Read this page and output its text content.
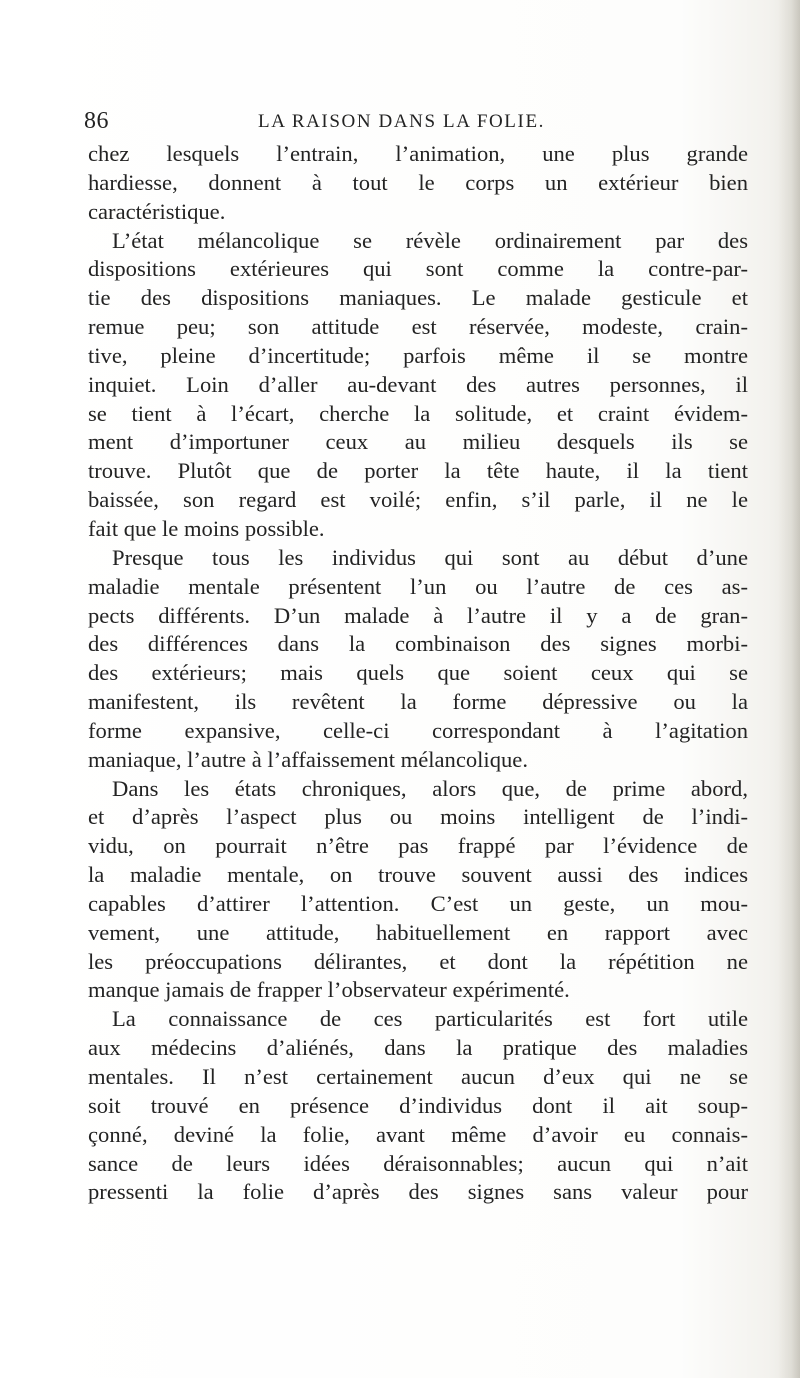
86	LA RAISON DANS LA FOLIE.
chez lesquels l’entrain, l’animation, une plus grande
hardiesse, donnent à tout le corps un extérieur bien
caractéristique.
L’état mélancolique se révèle ordinairement par des
dispositions extérieures qui sont comme la contre-par-
tie des dispositions maniaques. Le malade gesticule et
remue peu; son attitude est réservée, modeste, crain-
tive, pleine d’incertitude; parfois même il se montre
inquiet. Loin d’aller au-devant des autres personnes, il
se tient à l’écart, cherche la solitude, et craint évidem-
ment d’importuner ceux au milieu desquels ils se
trouve. Plutôt que de porter la tête haute, il la tient
baissée, son regard est voilé; enfin, s’il parle, il ne le
fait que le moins possible.
Presque tous les individus qui sont au début d’une
maladie mentale présentent l’un ou l’autre de ces as-
pects différents. D’un malade à l’autre il y a de gran-
des différences dans la combinaison des signes morbi-
des extérieurs; mais quels que soient ceux qui se
manifestent, ils revêtent la forme dépressive ou la
forme expansive, celle-ci correspondant à l’agitation
maniaque, l’autre à l’affaissement mélancolique.
Dans les états chroniques, alors que, de prime abord,
et d’après l’aspect plus ou moins intelligent de l’indi-
vidu, on pourrait n’être pas frappé par l’évidence de
la maladie mentale, on trouve souvent aussi des indices
capables d’attirer l’attention. C’est un geste, un mou-
vement, une attitude, habituellement en rapport avec
les préoccupations délirantes, et dont la répétition ne
manque jamais de frapper l’observateur expérimenté.
La connaissance de ces particularités est fort utile
aux médecins d’aliénés, dans la pratique des maladies
mentales. Il n’est certainement aucun d’eux qui ne se
soit trouvé en présence d’individus dont il ait soup-
çonné, deviné la folie, avant même d’avoir eu connais-
sance de leurs idées déraisonnables; aucun qui n’ait
pressenti la folie d’après des signes sans valeur pour
